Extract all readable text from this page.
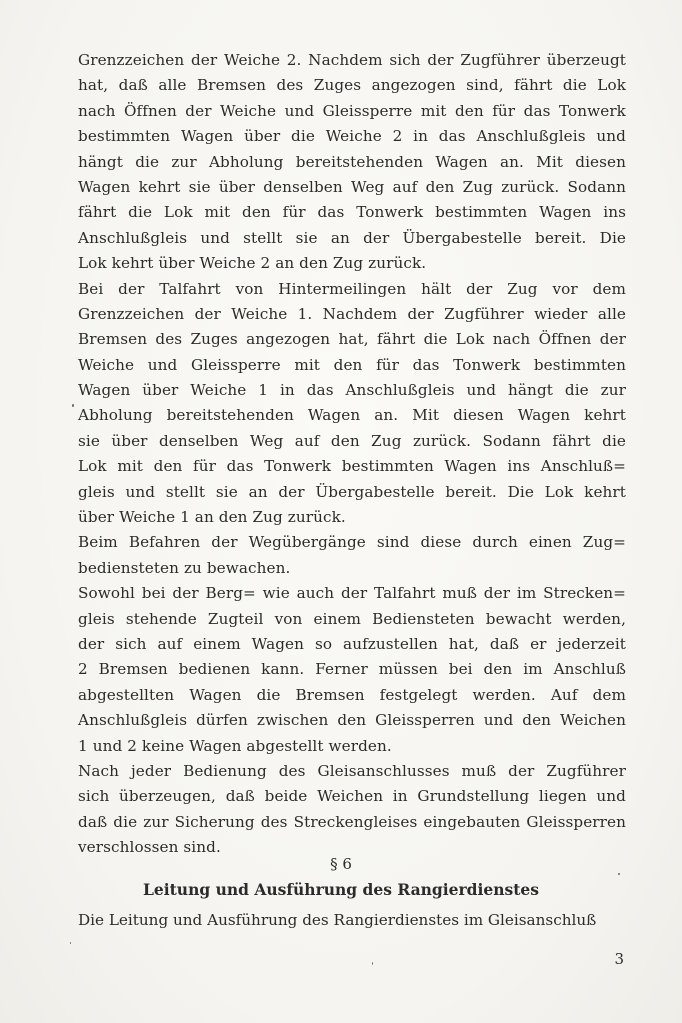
Grenzzeichen der Weiche 2. Nachdem sich der Zugführer überzeugt
hat, daß alle Bremsen des Zuges angezogen sind, fährt die Lok
nach Öffnen der Weiche und Gleissperre mit den für das Tonwerk
bestimmten Wagen über die Weiche 2 in das Anschlußgleis und
hängt die zur Abholung bereitstehenden Wagen an. Mit diesen
Wagen kehrt sie über denselben Weg auf den Zug zurück. Sodann
fährt die Lok mit den für das Tonwerk bestimmten Wagen ins
Anschlußgleis und stellt sie an der Übergabestelle bereit. Die
Lok kehrt über Weiche 2 an den Zug zurück.
Bei der Talfahrt von Hintermeilingen hält der Zug vor dem
Grenzzeichen der Weiche 1. Nachdem der Zugführer wieder alle
Bremsen des Zuges angezogen hat, fährt die Lok nach Öffnen der
Weiche und Gleissperre mit den für das Tonwerk bestimmten
Wagen über Weiche 1 in das Anschlußgleis und hängt die zur
Abholung bereitstehenden Wagen an. Mit diesen Wagen kehrt
sie über denselben Weg auf den Zug zurück. Sodann fährt die
Lok mit den für das Tonwerk bestimmten Wagen ins Anschluß=
gleis und stellt sie an der Übergabestelle bereit. Die Lok kehrt
über Weiche 1 an den Zug zurück.
Beim Befahren der Wegübergänge sind diese durch einen Zug=
bediensteten zu bewachen.
Sowohl bei der Berg= wie auch der Talfahrt muß der im Strecken=
gleis stehende Zugteil von einem Bediensteten bewacht werden,
der sich auf einem Wagen so aufzustellen hat, daß er jederzeit
2 Bremsen bedienen kann. Ferner müssen bei den im Anschluß
abgestellten Wagen die Bremsen festgelegt werden. Auf dem
Anschlußgleis dürfen zwischen den Gleissperren und den Weichen
1 und 2 keine Wagen abgestellt werden.
Nach jeder Bedienung des Gleisanschlusses muß der Zugführer
sich überzeugen, daß beide Weichen in Grundstellung liegen und
daß die zur Sicherung des Streckengleises eingebauten Gleissperren
verschlossen sind.
§ 6
Leitung und Ausführung des Rangierdienstes
Die Leitung und Ausführung des Rangierdienstes im Gleisanschluß
3
